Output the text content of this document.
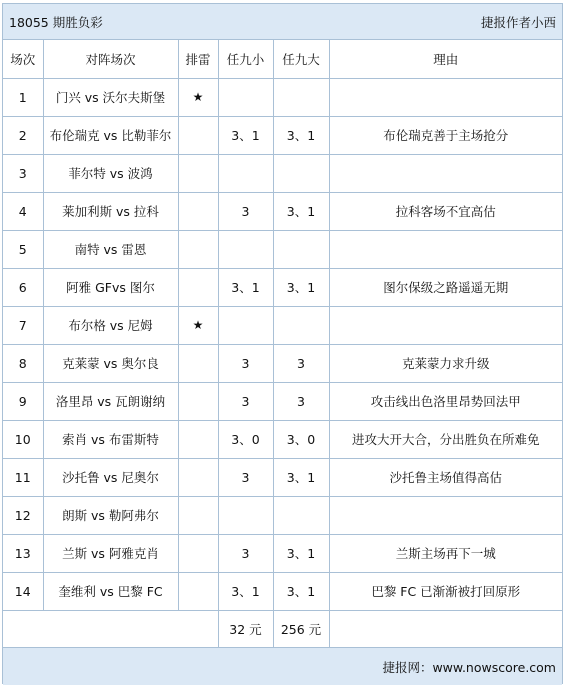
18055 期胜负彩	捷报作者小西
场次	对阵场次	排雷	任九小	任九大	理由
1	门兴 vs 沃尔夫斯堡	★			
2	布伦瑞克 vs 比勒菲尔		3、1	3、1	布伦瑞克善于主场抢分
3	菲尔特 vs 波鸿				
4	莱加利斯 vs 拉科		3	3、1	拉科客场不宜高估
5	南特 vs 雷恩				
6	阿雅 GFvs 图尔		3、1	3、1	图尔保级之路遥遥无期
7	布尔格 vs 尼姆	★			
8	克莱蒙 vs 奥尔良		3	3	克莱蒙力求升级
9	洛里昂 vs 瓦朗谢纳		3	3	攻击线出色洛里昂势回法甲
10	索肖 vs 布雷斯特		3、0	3、0	进攻大开大合，分出胜负在所难免
11	沙托鲁 vs 尼奥尔		3	3、1	沙托鲁主场值得高估
12	朗斯 vs 勒阿弗尔				
13	兰斯 vs 阿雅克肖		3	3、1	兰斯主场再下一城
14	奎维利 vs 巴黎 FC		3、1	3、1	巴黎 FC 已渐渐被打回原形
			32 元	256 元	
捷报网：www.nowscore.com
